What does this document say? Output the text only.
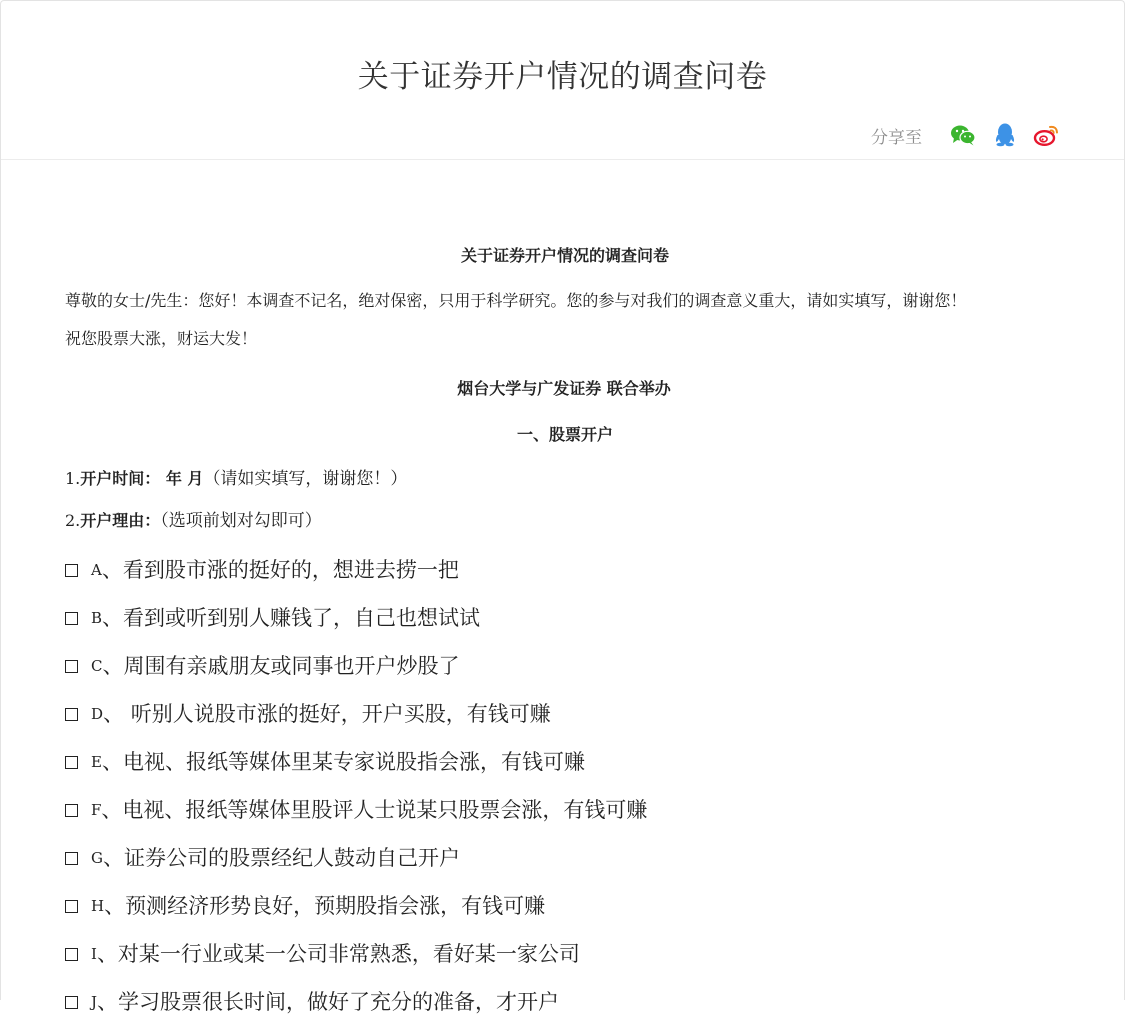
关于证券开户情况的调查问卷
分享至
关于证券开户情况的调查问卷
尊敬的女士/先生：您好！本调查不记名，绝对保密，只用于科学研究。您的参与对我们的调查意义重大，请如实填写，谢谢您！
祝您股票大涨，财运大发！
烟台大学与广发证券 联合举办
一、股票开户
1.开户时间： 年 月（请如实填写，谢谢您！）
2.开户理由：（选项前划对勾即可）
A 、看到股市涨的挺好的，想进去捞一把
B 、看到或听到别人赚钱了，自己也想试试
C 、周围有亲戚朋友或同事也开户炒股了
D 、 听别人说股市涨的挺好，开户买股，有钱可赚
E 、电视、报纸等媒体里某专家说股指会涨，有钱可赚
F 、电视、报纸等媒体里股评人士说某只股票会涨，有钱可赚
G 、证券公司的股票经纪人鼓动自己开户
H 、预测经济形势良好，预期股指会涨，有钱可赚
I 、对某一行业或某一公司非常熟悉，看好某一家公司
J 、学习股票很长时间，做好了充分的准备，才开户
